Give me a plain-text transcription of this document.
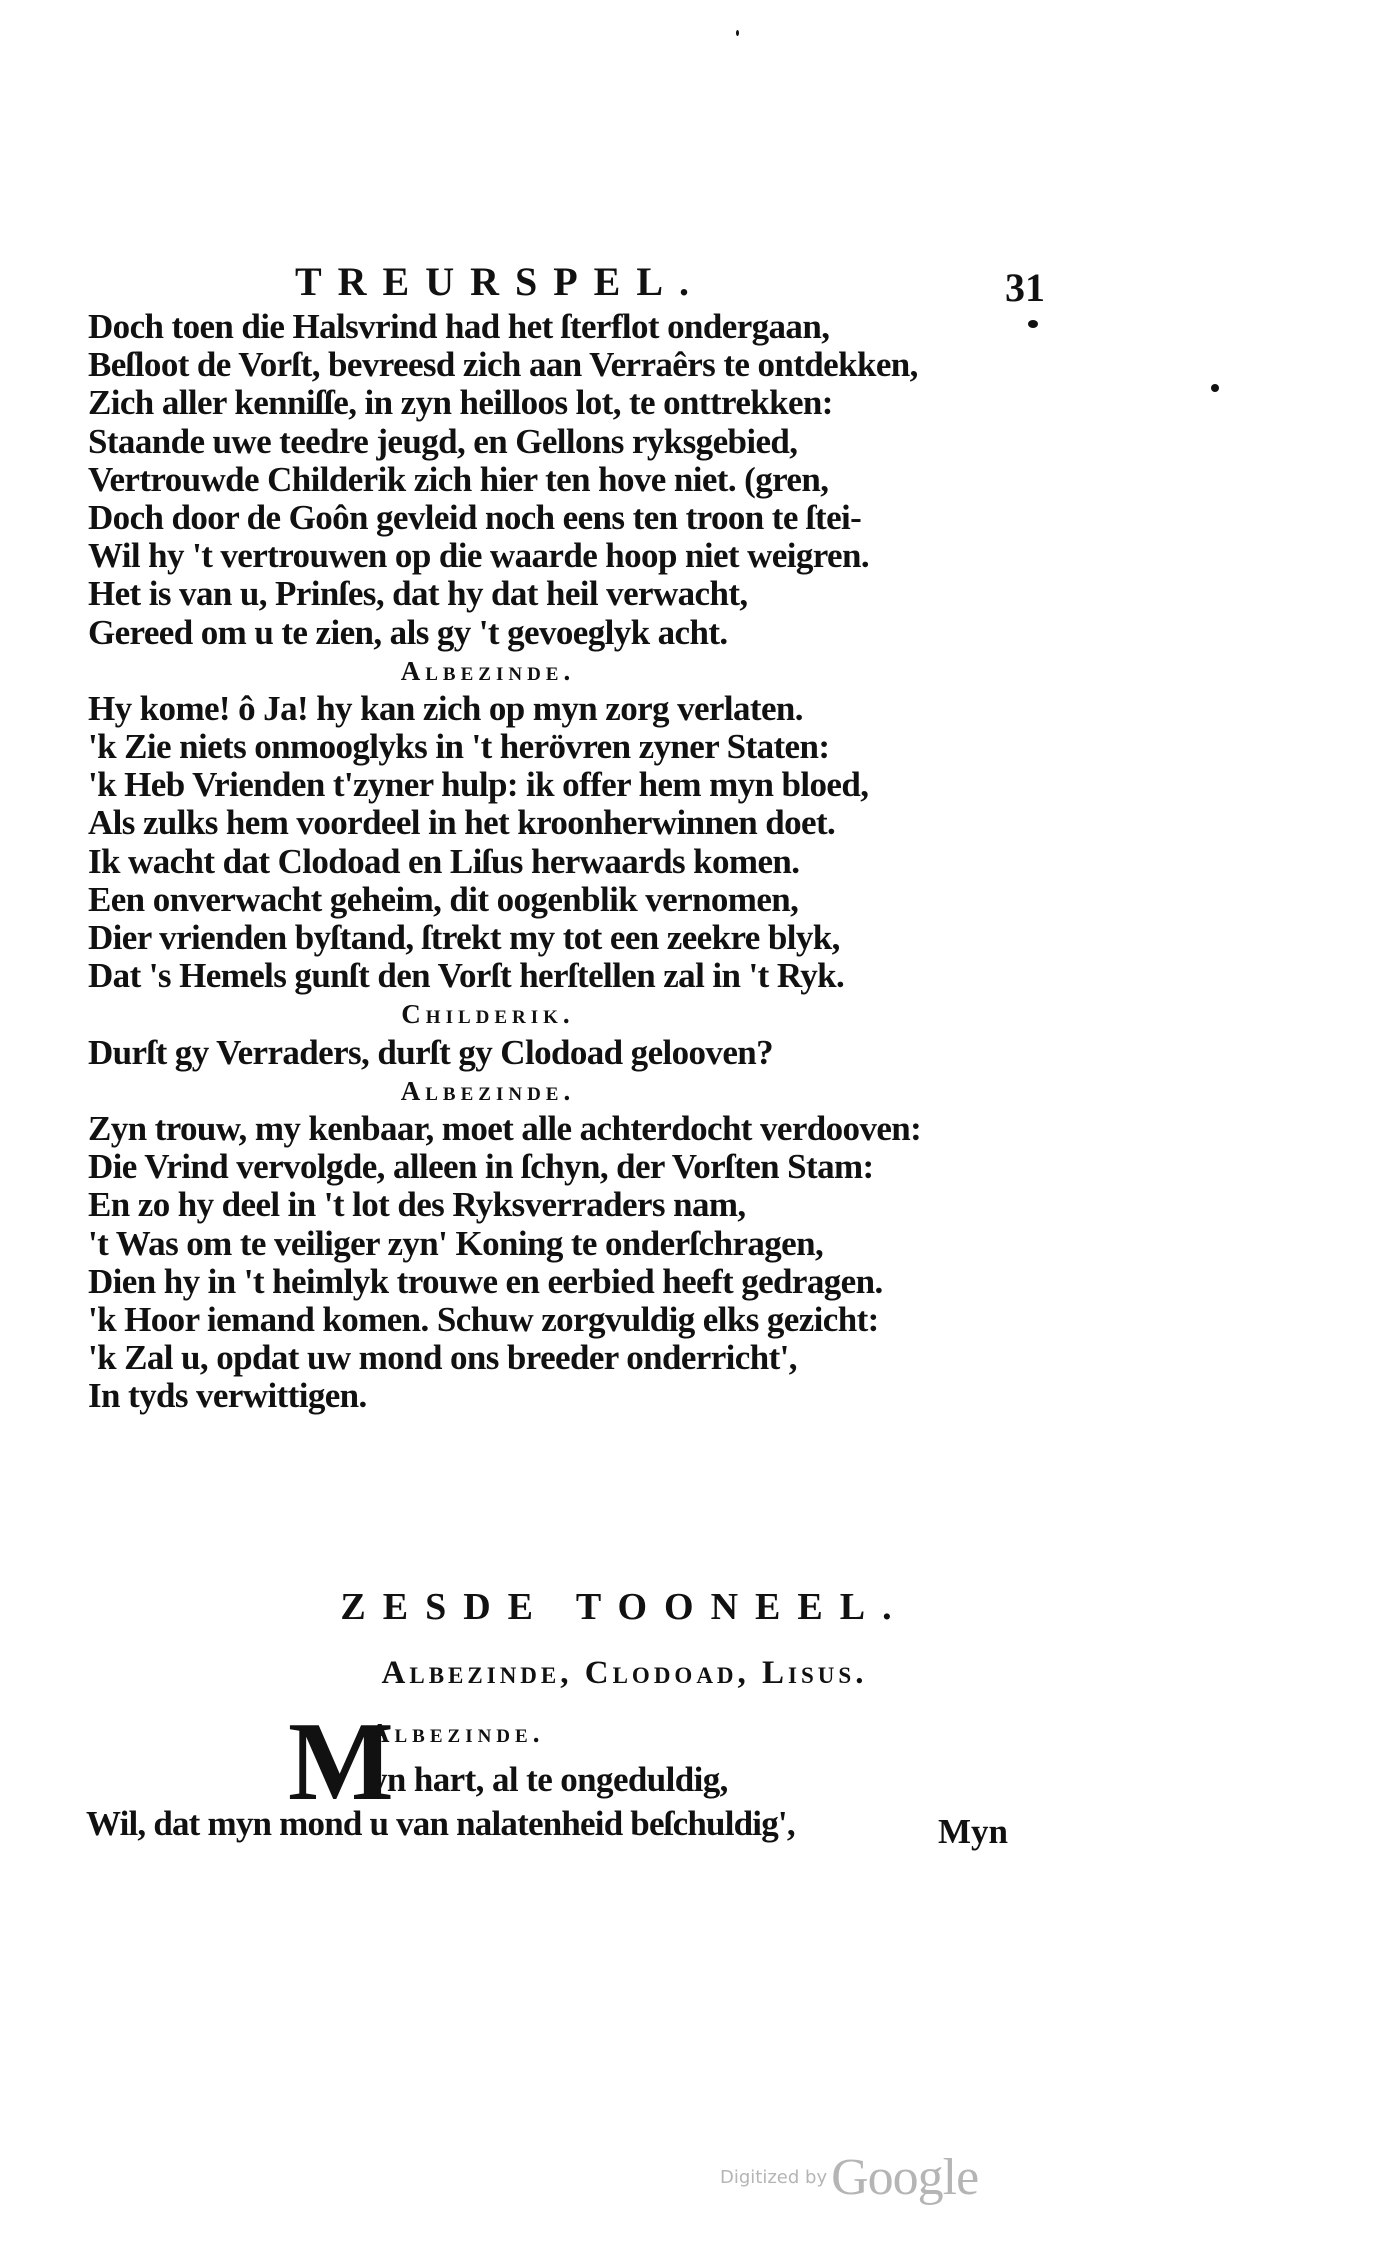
TREURSPEL.	31
Doch toen die Halsvrind had het ſterflot ondergaan,
Beſloot de Vorſt, bevreesd zich aan Verraêrs te ontdekken,
Zich aller kenniſſe, in zyn heilloos lot, te onttrekken:
Staande uwe teedre jeugd, en Gellons ryksgebied,
Vertrouwde Childerik zich hier ten hove niet. (gren,
Doch door de Goôn gevleid noch eens ten troon te ſtei-
Wil hy 't vertrouwen op die waarde hoop niet weigren.
Het is van u, Prinſes, dat hy dat heil verwacht,
Gereed om u te zien, als gy 't gevoeglyk acht.
Albezinde.
Hy kome! ô Ja! hy kan zich op myn zorg verlaten.
'k Zie niets onmooglyks in 't herövren zyner Staten:
'k Heb Vrienden t'zyner hulp: ik offer hem myn bloed,
Als zulks hem voordeel in het kroonherwinnen doet.
Ik wacht dat Clodoad en Liſus herwaards komen.
Een onverwacht geheim, dit oogenblik vernomen,
Dier vrienden byſtand, ſtrekt my tot een zeekre blyk,
Dat 's Hemels gunſt den Vorſt herſtellen zal in 't Ryk.
Childerik.
Durſt gy Verraders, durſt gy Clodoad gelooven?
Albezinde.
Zyn trouw, my kenbaar, moet alle achterdocht verdooven:
Die Vrind vervolgde, alleen in ſchyn, der Vorſten Stam:
En zo hy deel in 't lot des Ryksverraders nam,
't Was om te veiliger zyn' Koning te onderſchragen,
Dien hy in 't heimlyk trouwe en eerbied heeft gedragen.
'k Hoor iemand komen. Schuw zorgvuldig elks gezicht:
'k Zal u, opdat uw mond ons breeder onderricht',
In tyds verwittigen.
ZESDE TOONEEL.
Albezinde, Clodoad, Lisus.
M
Albezinde.
yn hart, al te ongeduldig,
Wil, dat myn mond u van nalatenheid beſchuldig',	Myn
Digitized by Google
